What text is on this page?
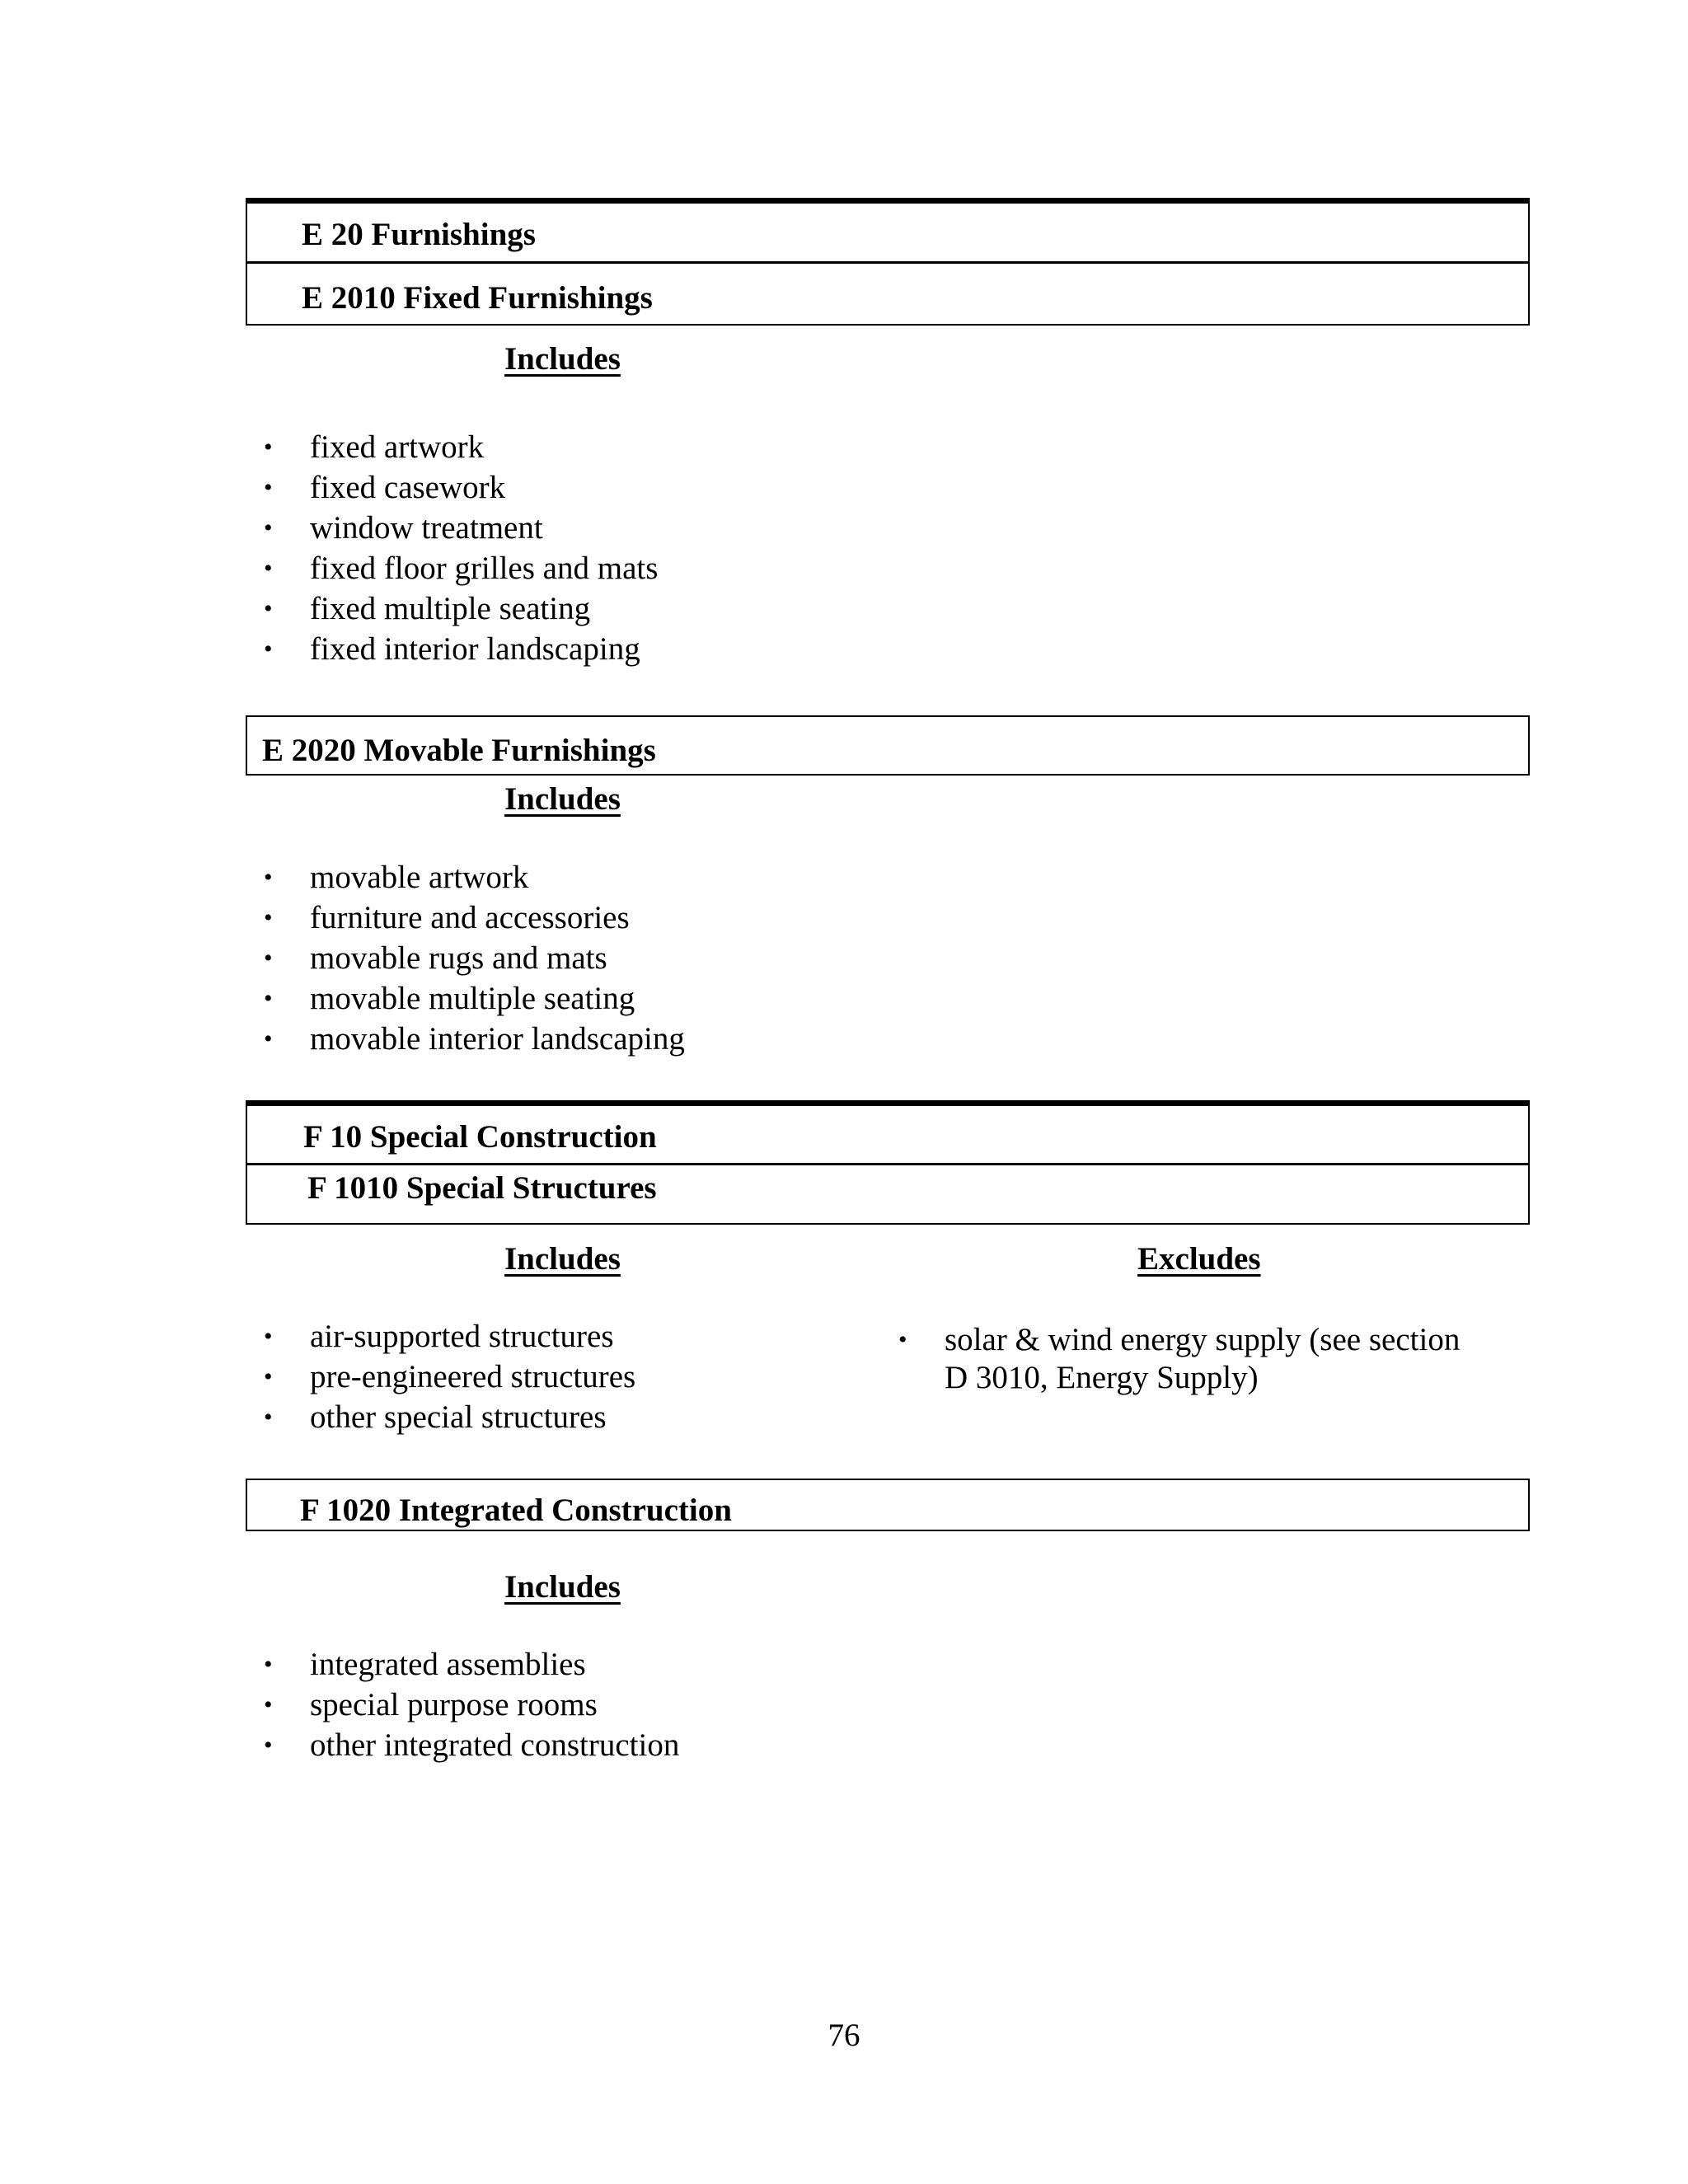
E 20 Furnishings
E 2010 Fixed Furnishings
Includes
• fixed artwork
• fixed casework
• window treatment
• fixed floor grilles and mats
• fixed multiple seating
• fixed interior landscaping
E 2020 Movable Furnishings
Includes
• movable artwork
• furniture and accessories
• movable rugs and mats
• movable multiple seating
• movable interior landscaping
F 10 Special Construction
F 1010 Special Structures
Includes	Excludes
• air-supported structures
• pre-engineered structures
• other special structures
• solar & wind energy supply (see section
D 3010, Energy Supply)
F 1020 Integrated Construction
Includes
• integrated assemblies
• special purpose rooms
• other integrated construction
76
